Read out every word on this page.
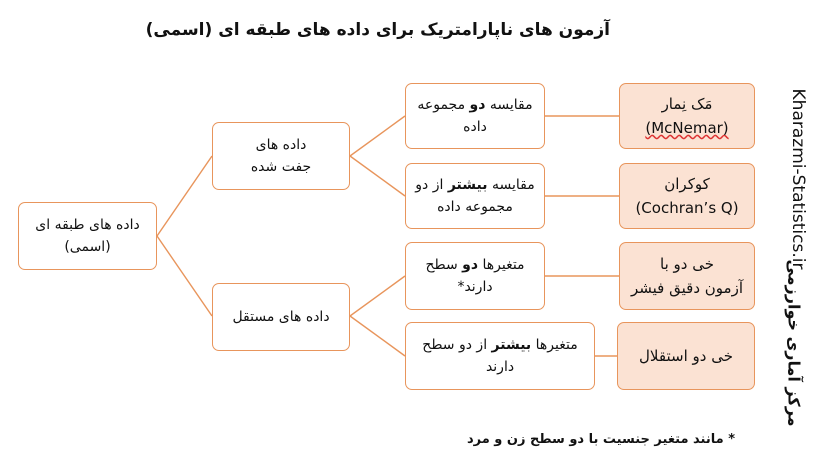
آزمون های ناپارامتریک برای داده های طبقه ای (اسمی)
داده های طبقه ای
(اسمی)
داده های
جفت شده
داده های مستقل
مقایسه دو مجموعه
داده
مقایسه بیشتر از دو
مجموعه داده
متغیرها دو سطح
دارند*
متغیرها بیشتر از دو سطح
دارند
مَک نِمار
(McNemar)
کوکران
(Cochran’s Q)
خی دو با
آزمون دقیق فیشر
خی دو استقلال
Kharazmi-Statistics.ir
مرکز آماری خوارزمی
* مانند متغیر جنسیت با دو سطح زن و مرد
